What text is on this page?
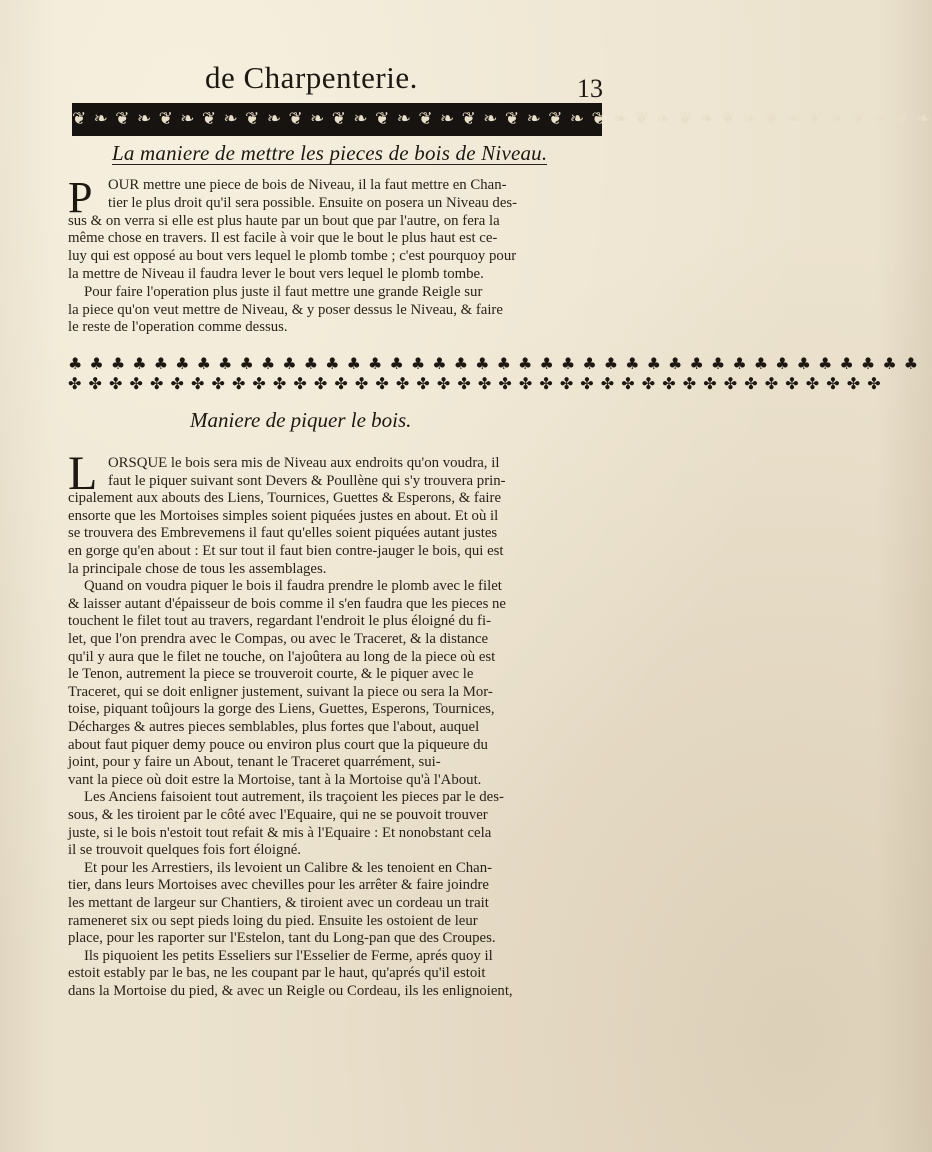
de Charpenterie.	13
❦ ❧ ❦ ❧ ❦ ❧ ❦ ❧ ❦ ❧ ❦ ❧ ❦ ❧ ❦ ❧ ❦ ❧ ❦ ❧ ❦ ❧ ❦ ❧ ❦ ❧ ❦ ❧ ❦ ❧ ❦ ❧ ❦ ❧ ❦ ❧ ❦ ❧ ❦ ❧
La maniere de mettre les pieces de bois de Niveau.
P OUR mettre une piece de bois de Niveau, il la faut mettre en Chan-
tier le plus droit qu'il sera possible. Ensuite on posera un Niveau des-
sus & on verra si elle est plus haute par un bout que par l'autre, on fera la
même chose en travers. Il est facile à voir que le bout le plus haut est ce-
luy qui est opposé au bout vers lequel le plomb tombe ; c'est pourquoy pour
la mettre de Niveau il faudra lever le bout vers lequel le plomb tombe.
Pour faire l'operation plus juste il faut mettre une grande Reigle sur
la piece qu'on veut mettre de Niveau, & y poser dessus le Niveau, & faire
le reste de l'operation comme dessus.
♣ ♣ ♣ ♣ ♣ ♣ ♣ ♣ ♣ ♣ ♣ ♣ ♣ ♣ ♣ ♣ ♣ ♣ ♣ ♣ ♣ ♣ ♣ ♣ ♣ ♣ ♣ ♣ ♣ ♣ ♣ ♣ ♣ ♣ ♣ ♣ ♣ ♣ ♣ ♣
✤ ✤ ✤ ✤ ✤ ✤ ✤ ✤ ✤ ✤ ✤ ✤ ✤ ✤ ✤ ✤ ✤ ✤ ✤ ✤ ✤ ✤ ✤ ✤ ✤ ✤ ✤ ✤ ✤ ✤ ✤ ✤ ✤ ✤ ✤ ✤ ✤ ✤ ✤ ✤
Maniere de piquer le bois.
L ORSQUE le bois sera mis de Niveau aux endroits qu'on voudra, il
faut le piquer suivant sont Devers & Poullène qui s'y trouvera prin-
cipalement aux abouts des Liens, Tournices, Guettes & Esperons, & faire
ensorte que les Mortoises simples soient piquées justes en about. Et où il
se trouvera des Embrevemens il faut qu'elles soient piquées autant justes
en gorge qu'en about : Et sur tout il faut bien contre-jauger le bois, qui est
la principale chose de tous les assemblages.
Quand on voudra piquer le bois il faudra prendre le plomb avec le filet
& laisser autant d'épaisseur de bois comme il s'en faudra que les pieces ne
touchent le filet tout au travers, regardant l'endroit le plus éloigné du fi-
let, que l'on prendra avec le Compas, ou avec le Traceret, & la distance
qu'il y aura que le filet ne touche, on l'ajoûtera au long de la piece où est
le Tenon, autrement la piece se trouveroit courte, & le piquer avec le
Traceret, qui se doit enligner justement, suivant la piece ou sera la Mor-
toise, piquant toûjours la gorge des Liens, Guettes, Esperons, Tournices,
Décharges & autres pieces semblables, plus fortes que l'about, auquel
about faut piquer demy pouce ou environ plus court que la piqueure du
joint, pour y faire un About, tenant le Traceret quarrément, sui-
vant la piece où doit estre la Mortoise, tant à la Mortoise qu'à l'About.
Les Anciens faisoient tout autrement, ils traçoient les pieces par le des-
sous, & les tiroient par le côté avec l'Equaire, qui ne se pouvoit trouver
juste, si le bois n'estoit tout refait & mis à l'Equaire : Et nonobstant cela
il se trouvoit quelques fois fort éloigné.
Et pour les Arrestiers, ils levoient un Calibre & les tenoient en Chan-
tier, dans leurs Mortoises avec chevilles pour les arrêter & faire joindre
les mettant de largeur sur Chantiers, & tiroient avec un cordeau un trait
rameneret six ou sept pieds loing du pied. Ensuite les ostoient de leur
place, pour les raporter sur l'Estelon, tant du Long-pan que des Croupes.
Ils piquoient les petits Esseliers sur l'Esselier de Ferme, aprés quoy il
estoit estably par le bas, ne les coupant par le haut, qu'aprés qu'il estoit
dans la Mortoise du pied, & avec un Reigle ou Cordeau, ils les enlignoient,
